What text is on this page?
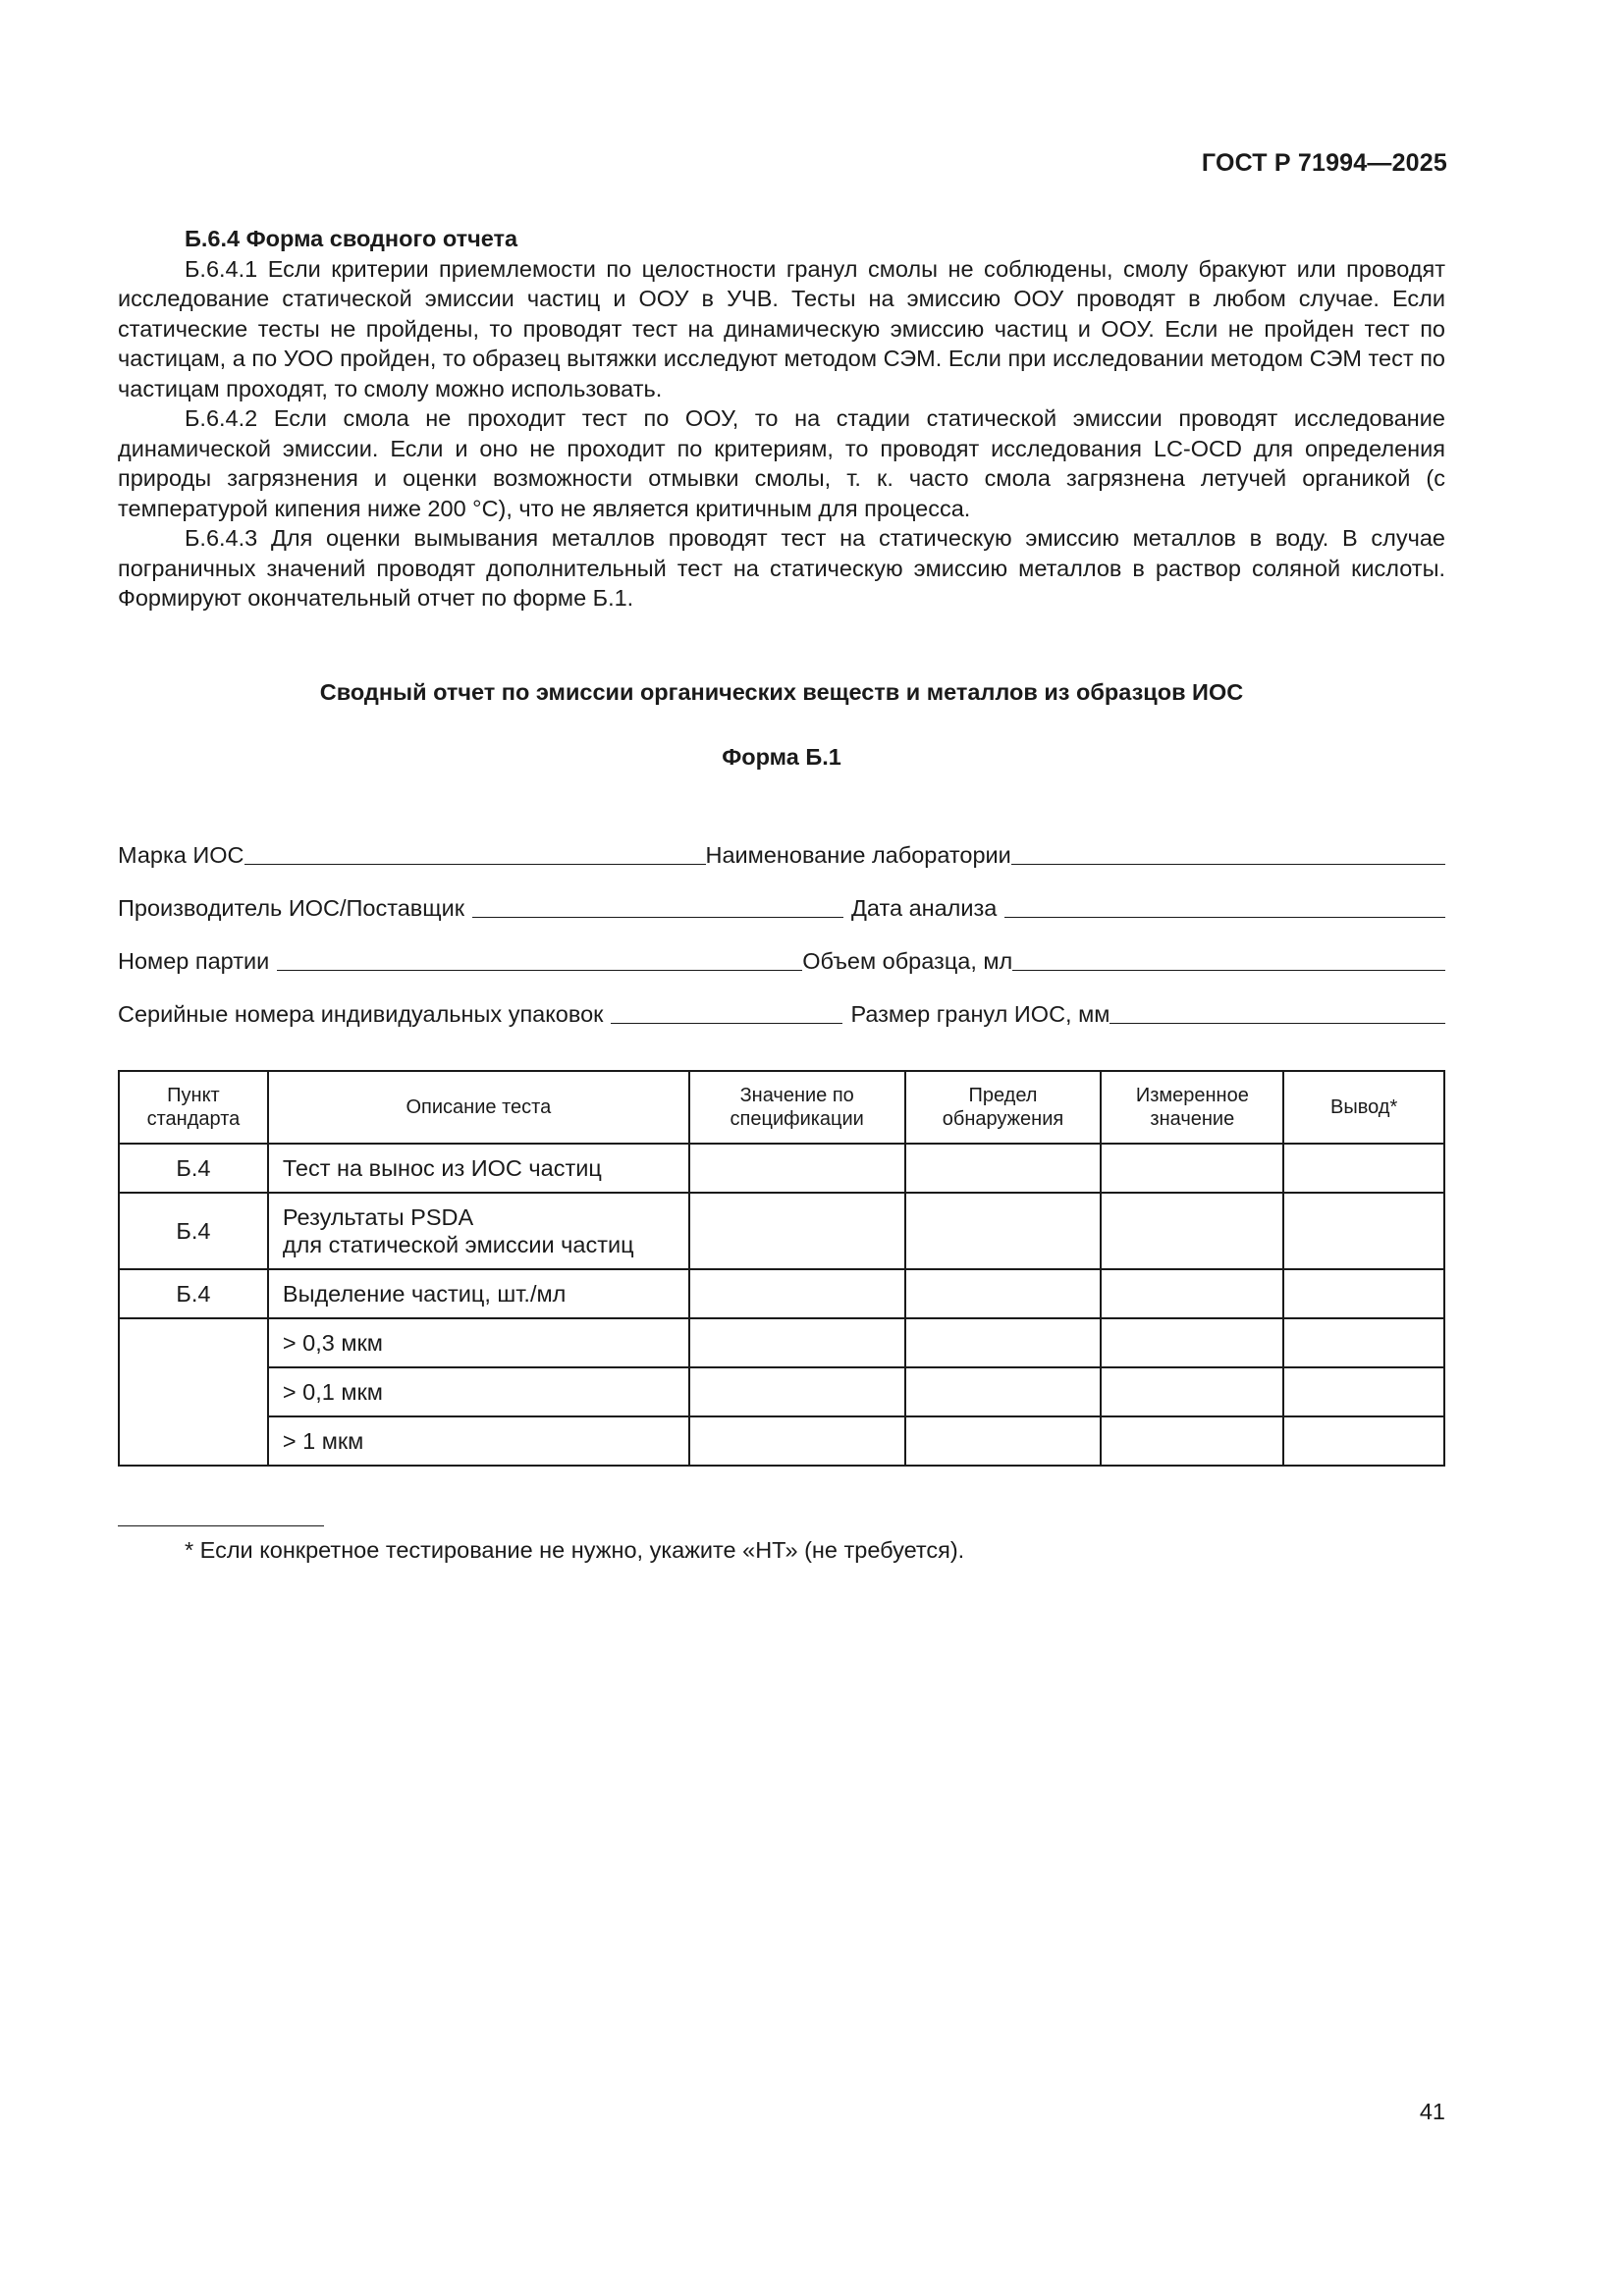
ГОСТ Р 71994—2025
Б.6.4 Форма сводного отчета

Б.6.4.1 Если критерии приемлемости по целостности гранул смолы не соблюдены, смолу бракуют или проводят исследование статической эмиссии частиц и ООУ в УЧВ. Тесты на эмиссию ООУ проводят в любом случае. Если статические тесты не пройдены, то проводят тест на динамическую эмиссию частиц и ООУ. Если не пройден тест по частицам, а по УОО пройден, то образец вытяжки исследуют методом СЭМ. Если при исследовании методом СЭМ тест по частицам проходят, то смолу можно использовать.

Б.6.4.2 Если смола не проходит тест по ООУ, то на стадии статической эмиссии проводят исследование динамической эмиссии. Если и оно не проходит по критериям, то проводят исследования LC-OCD для определения природы загрязнения и оценки возможности отмывки смолы, т. к. часто смола загрязнена летучей органикой (с температурой кипения ниже 200 °С), что не является критичным для процесса.

Б.6.4.3 Для оценки вымывания металлов проводят тест на статическую эмиссию металлов в воду. В случае пограничных значений проводят дополнительный тест на статическую эмиссию металлов в раствор соляной кислоты. Формируют окончательный отчет по форме Б.1.

Сводный отчет по эмиссии органических веществ и металлов из образцов ИОС
Форма Б.1
Марка ИОС	Наименование лаборатории
Производитель ИОС/Поставщик	Дата анализа
Номер партии	Объем образца, мл
Серийные номера индивидуальных упаковок	Размер гранул ИОС, мм
Пункт стандарта	Описание теста	Значение по спецификации	Предел обнаружения	Измеренное значение	Вывод*
Б.4	Тест на вынос из ИОС частиц				
Б.4	Результаты PSDA
для статической эмиссии частиц				
Б.4	Выделение частиц, шт./мл				
	> 0,3 мкм				
	> 0,1 мкм				
	> 1 мкм				
* Если конкретное тестирование не нужно, укажите «НТ» (не требуется).
41
